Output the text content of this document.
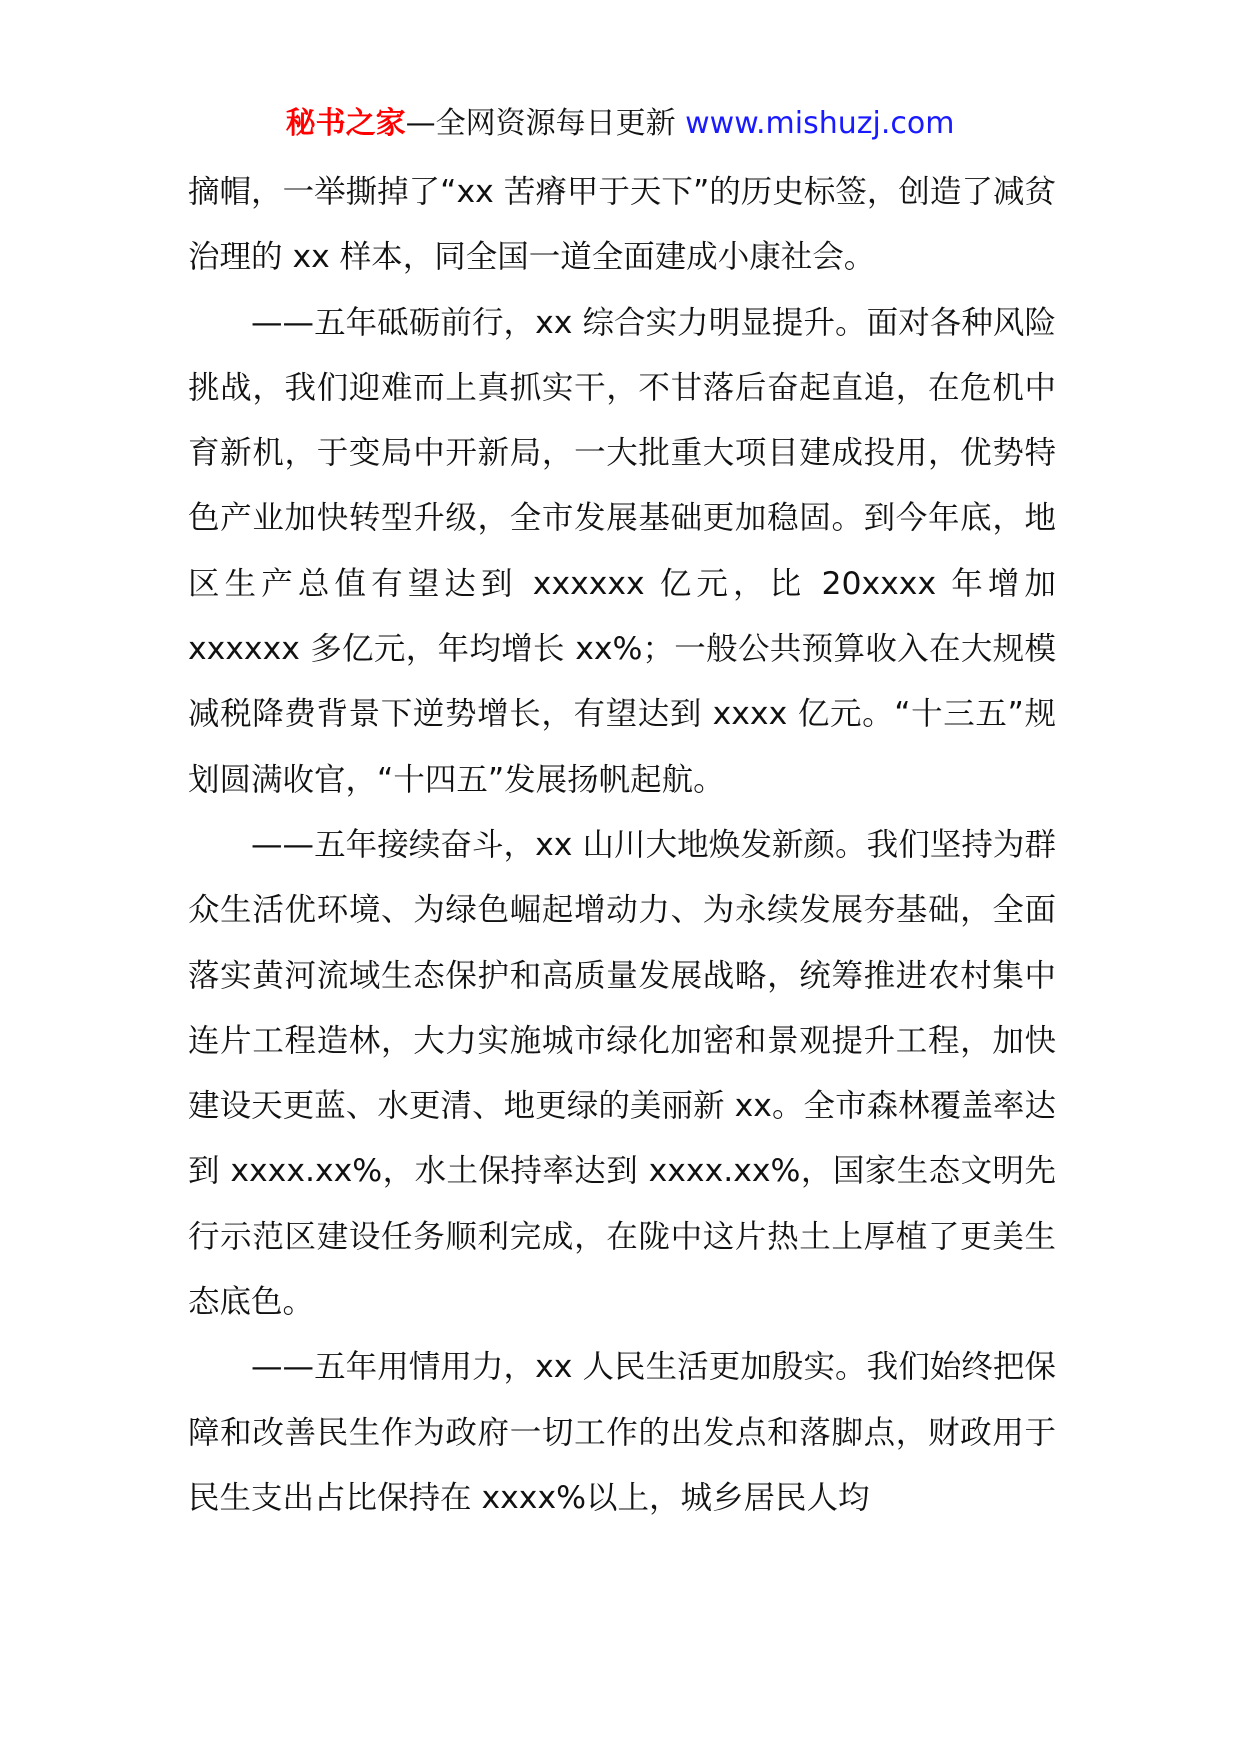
秘书之家—全网资源每日更新 www.mishuzj.com

摘帽，一举撕掉了“xx 苦瘠甲于天下”的历史标签，创造了减贫治理的 xx 样本，同全国一道全面建成小康社会。

——五年砥砺前行，xx 综合实力明显提升。面对各种风险挑战，我们迎难而上真抓实干，不甘落后奋起直追，在危机中育新机，于变局中开新局，一大批重大项目建成投用，优势特色产业加快转型升级，全市发展基础更加稳固。到今年底，地区生产总值有望达到 xxxxxx 亿元，比 20xxxx 年增加 xxxxxx 多亿元，年均增长 xx%；一般公共预算收入在大规模减税降费背景下逆势增长，有望达到 xxxx 亿元。“十三五”规划圆满收官，“十四五”发展扬帆起航。

——五年接续奋斗，xx 山川大地焕发新颜。我们坚持为群众生活优环境、为绿色崛起增动力、为永续发展夯基础，全面落实黄河流域生态保护和高质量发展战略，统筹推进农村集中连片工程造林，大力实施城市绿化加密和景观提升工程，加快建设天更蓝、水更清、地更绿的美丽新 xx。全市森林覆盖率达到 xxxx.xx%，水土保持率达到 xxxx.xx%，国家生态文明先行示范区建设任务顺利完成，在陇中这片热土上厚植了更美生态底色。

——五年用情用力，xx 人民生活更加殷实。我们始终把保障和改善民生作为政府一切工作的出发点和落脚点，财政用于民生支出占比保持在 xxxx%以上，城乡居民人均
